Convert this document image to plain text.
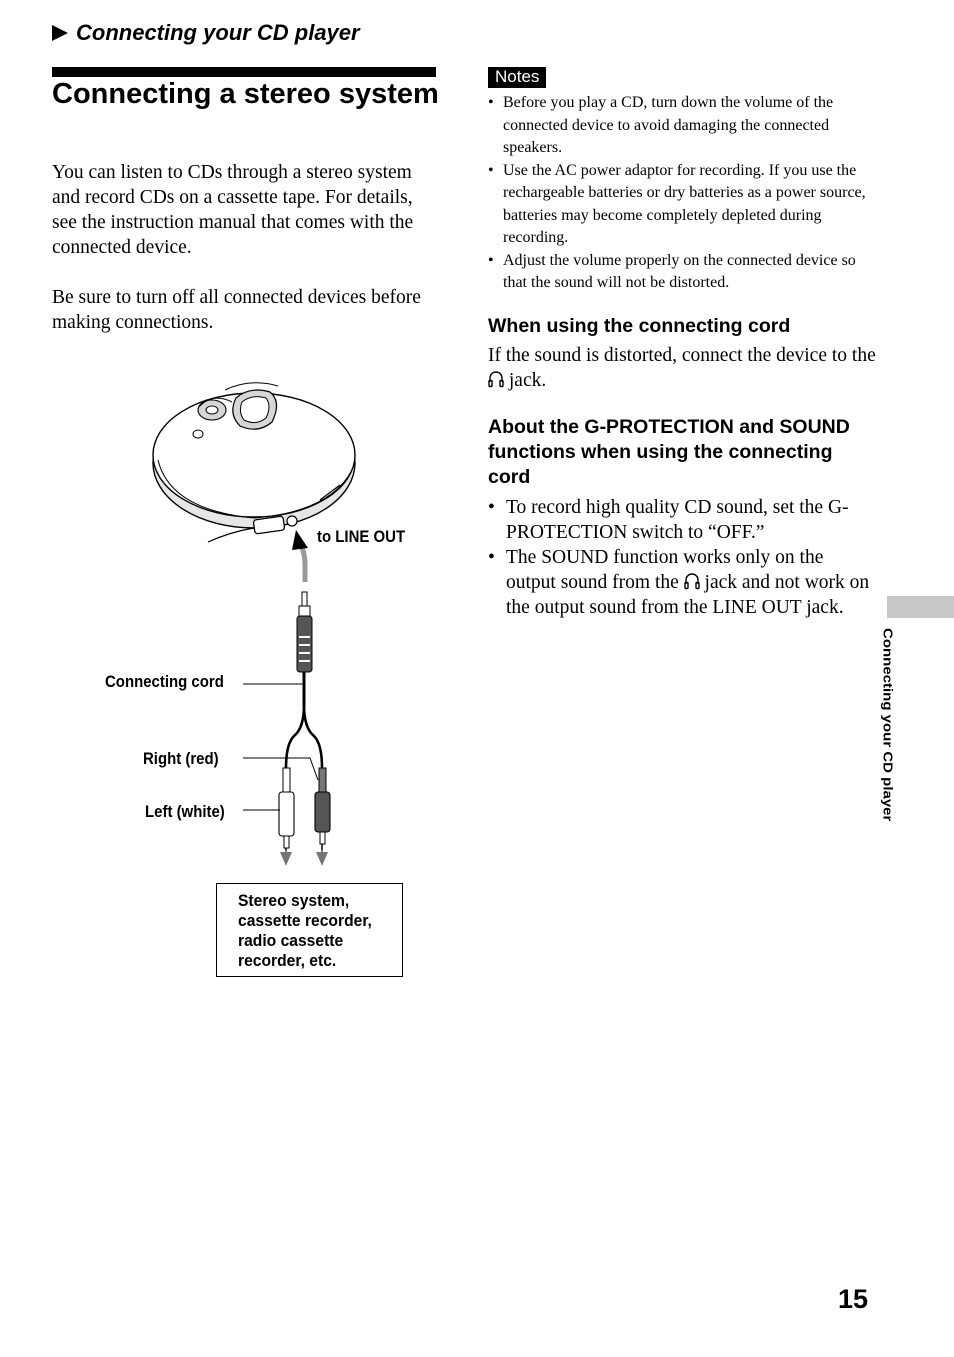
Connecting your CD player
Connecting a stereo system
You can listen to CDs through a stereo system and record CDs on a cassette tape. For details, see the instruction manual that comes with the connected device.
Be sure to turn off all connected devices before making connections.
Notes
• Before you play a CD, turn down the volume of the connected device to avoid damaging the connected speakers.
• Use the AC power adaptor for recording. If you use the rechargeable batteries or dry batteries as a power source, batteries may become completely depleted during recording.
• Adjust the volume properly on the connected device so that the sound will not be distorted.
When using the connecting cord
If the sound is distorted, connect the device to the  jack.
About the G-PROTECTION and SOUND functions when using the connecting cord
• To record high quality CD sound, set the G-PROTECTION switch to “OFF.”
• The SOUND function works only on the output sound from the jack and not work on the output sound from the LINE OUT jack.
to LINE OUT
Connecting cord
Right (red)
Left (white)
Stereo system,
cassette recorder,
radio cassette
recorder, etc.
Connecting your CD player
15
